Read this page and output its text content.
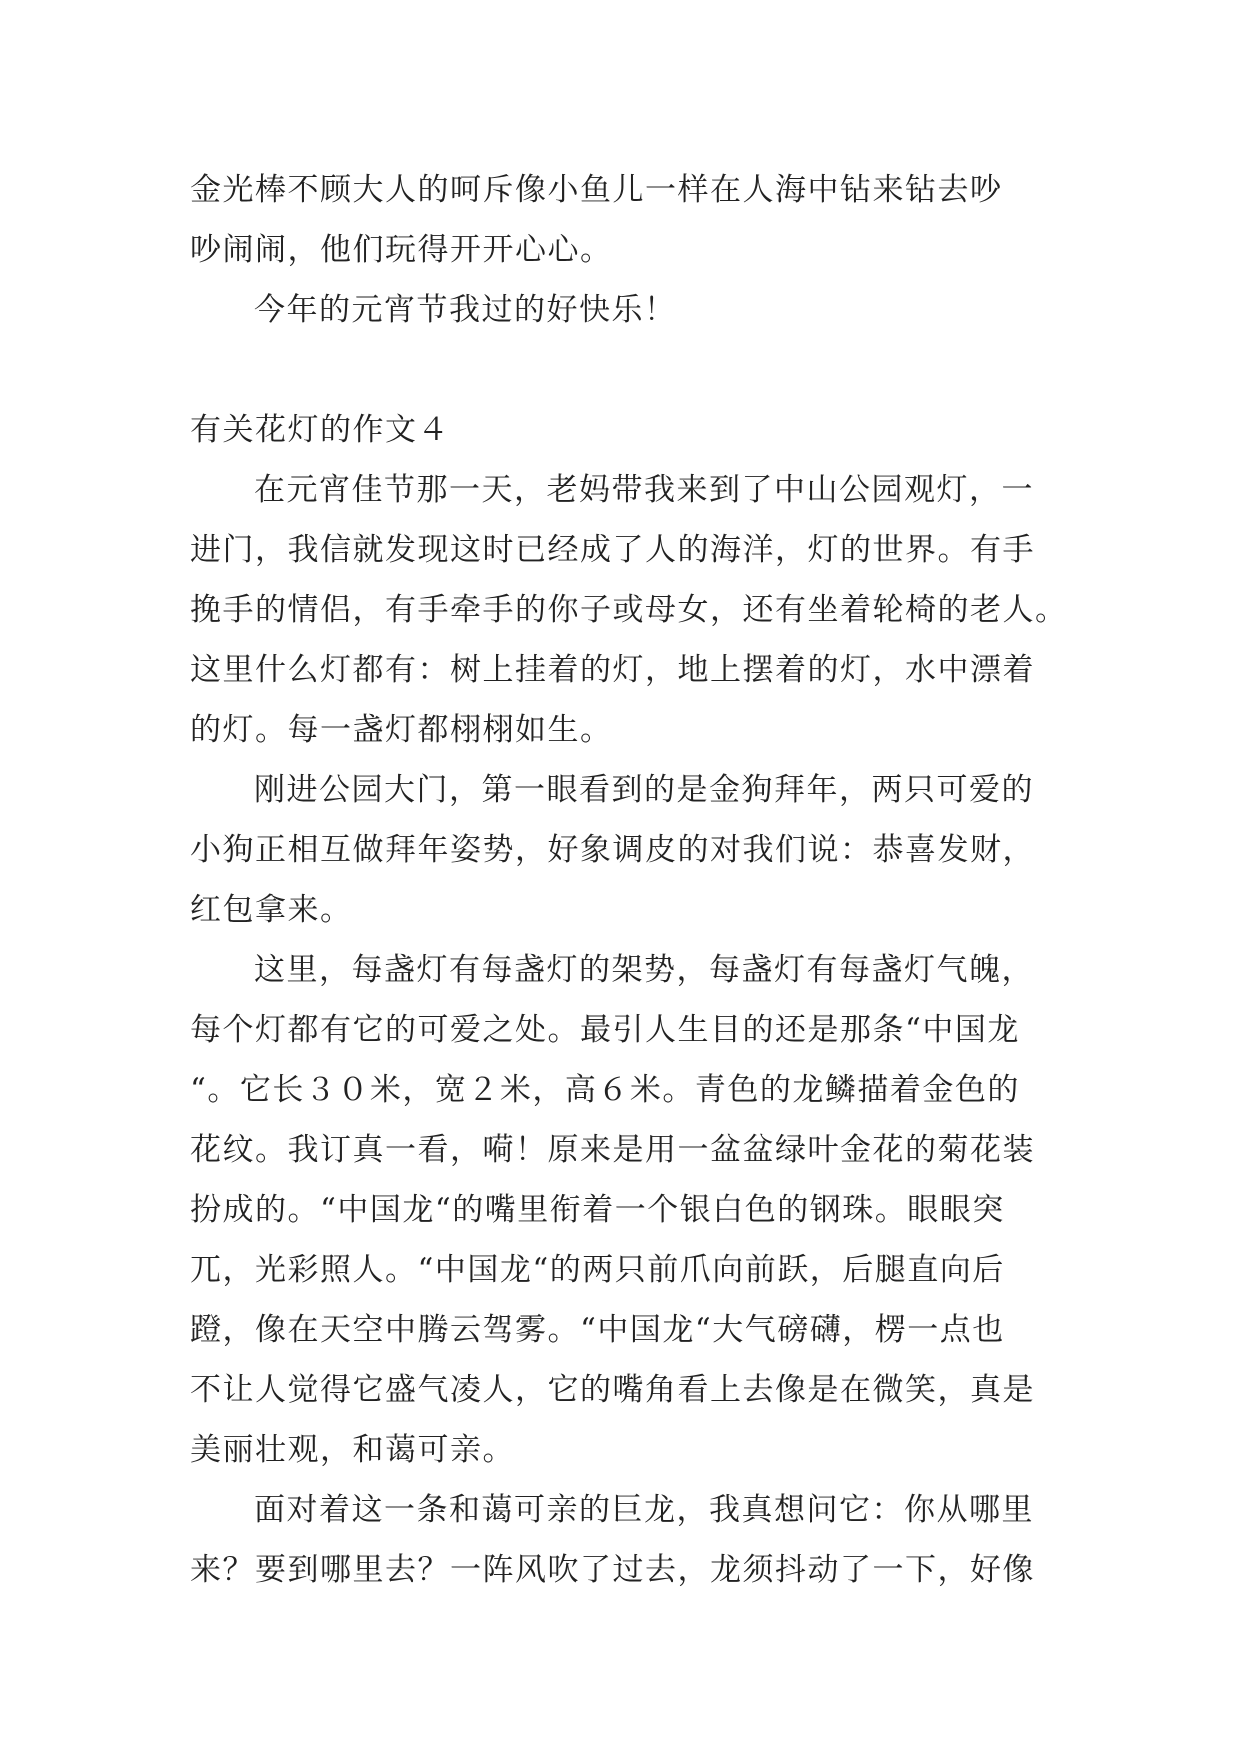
金光棒不顾大人的呵斥像小鱼儿一样在人海中钻来钻去吵
吵闹闹，他们玩得开开心心。
今年的元宵节我过的好快乐！
有关花灯的作文４
在元宵佳节那一天，老妈带我来到了中山公园观灯，一
进门，我信就发现这时已经成了人的海洋，灯的世界。有手
挽手的情侣，有手牵手的你子或母女，还有坐着轮椅的老人。
这里什么灯都有：树上挂着的灯，地上摆着的灯，水中漂着
的灯。每一盏灯都栩栩如生。
刚进公园大门，第一眼看到的是金狗拜年，两只可爱的
小狗正相互做拜年姿势，好象调皮的对我们说：恭喜发财，
红包拿来。
这里，每盏灯有每盏灯的架势，每盏灯有每盏灯气魄，
每个灯都有它的可爱之处。最引人生目的还是那条“中国龙
“。它长３０米，宽２米，高６米。青色的龙鳞描着金色的
花纹。我订真一看，嗬！原来是用一盆盆绿叶金花的菊花装
扮成的。“中国龙“的嘴里衔着一个银白色的钢珠。眼眼突
兀，光彩照人。“中国龙“的两只前爪向前跃，后腿直向后
蹬，像在天空中腾云驾雾。“中国龙“大气磅礴，楞一点也
不让人觉得它盛气凌人，它的嘴角看上去像是在微笑，真是
美丽壮观，和蔼可亲。
面对着这一条和蔼可亲的巨龙，我真想问它：你从哪里
来？要到哪里去？一阵风吹了过去，龙须抖动了一下，好像
